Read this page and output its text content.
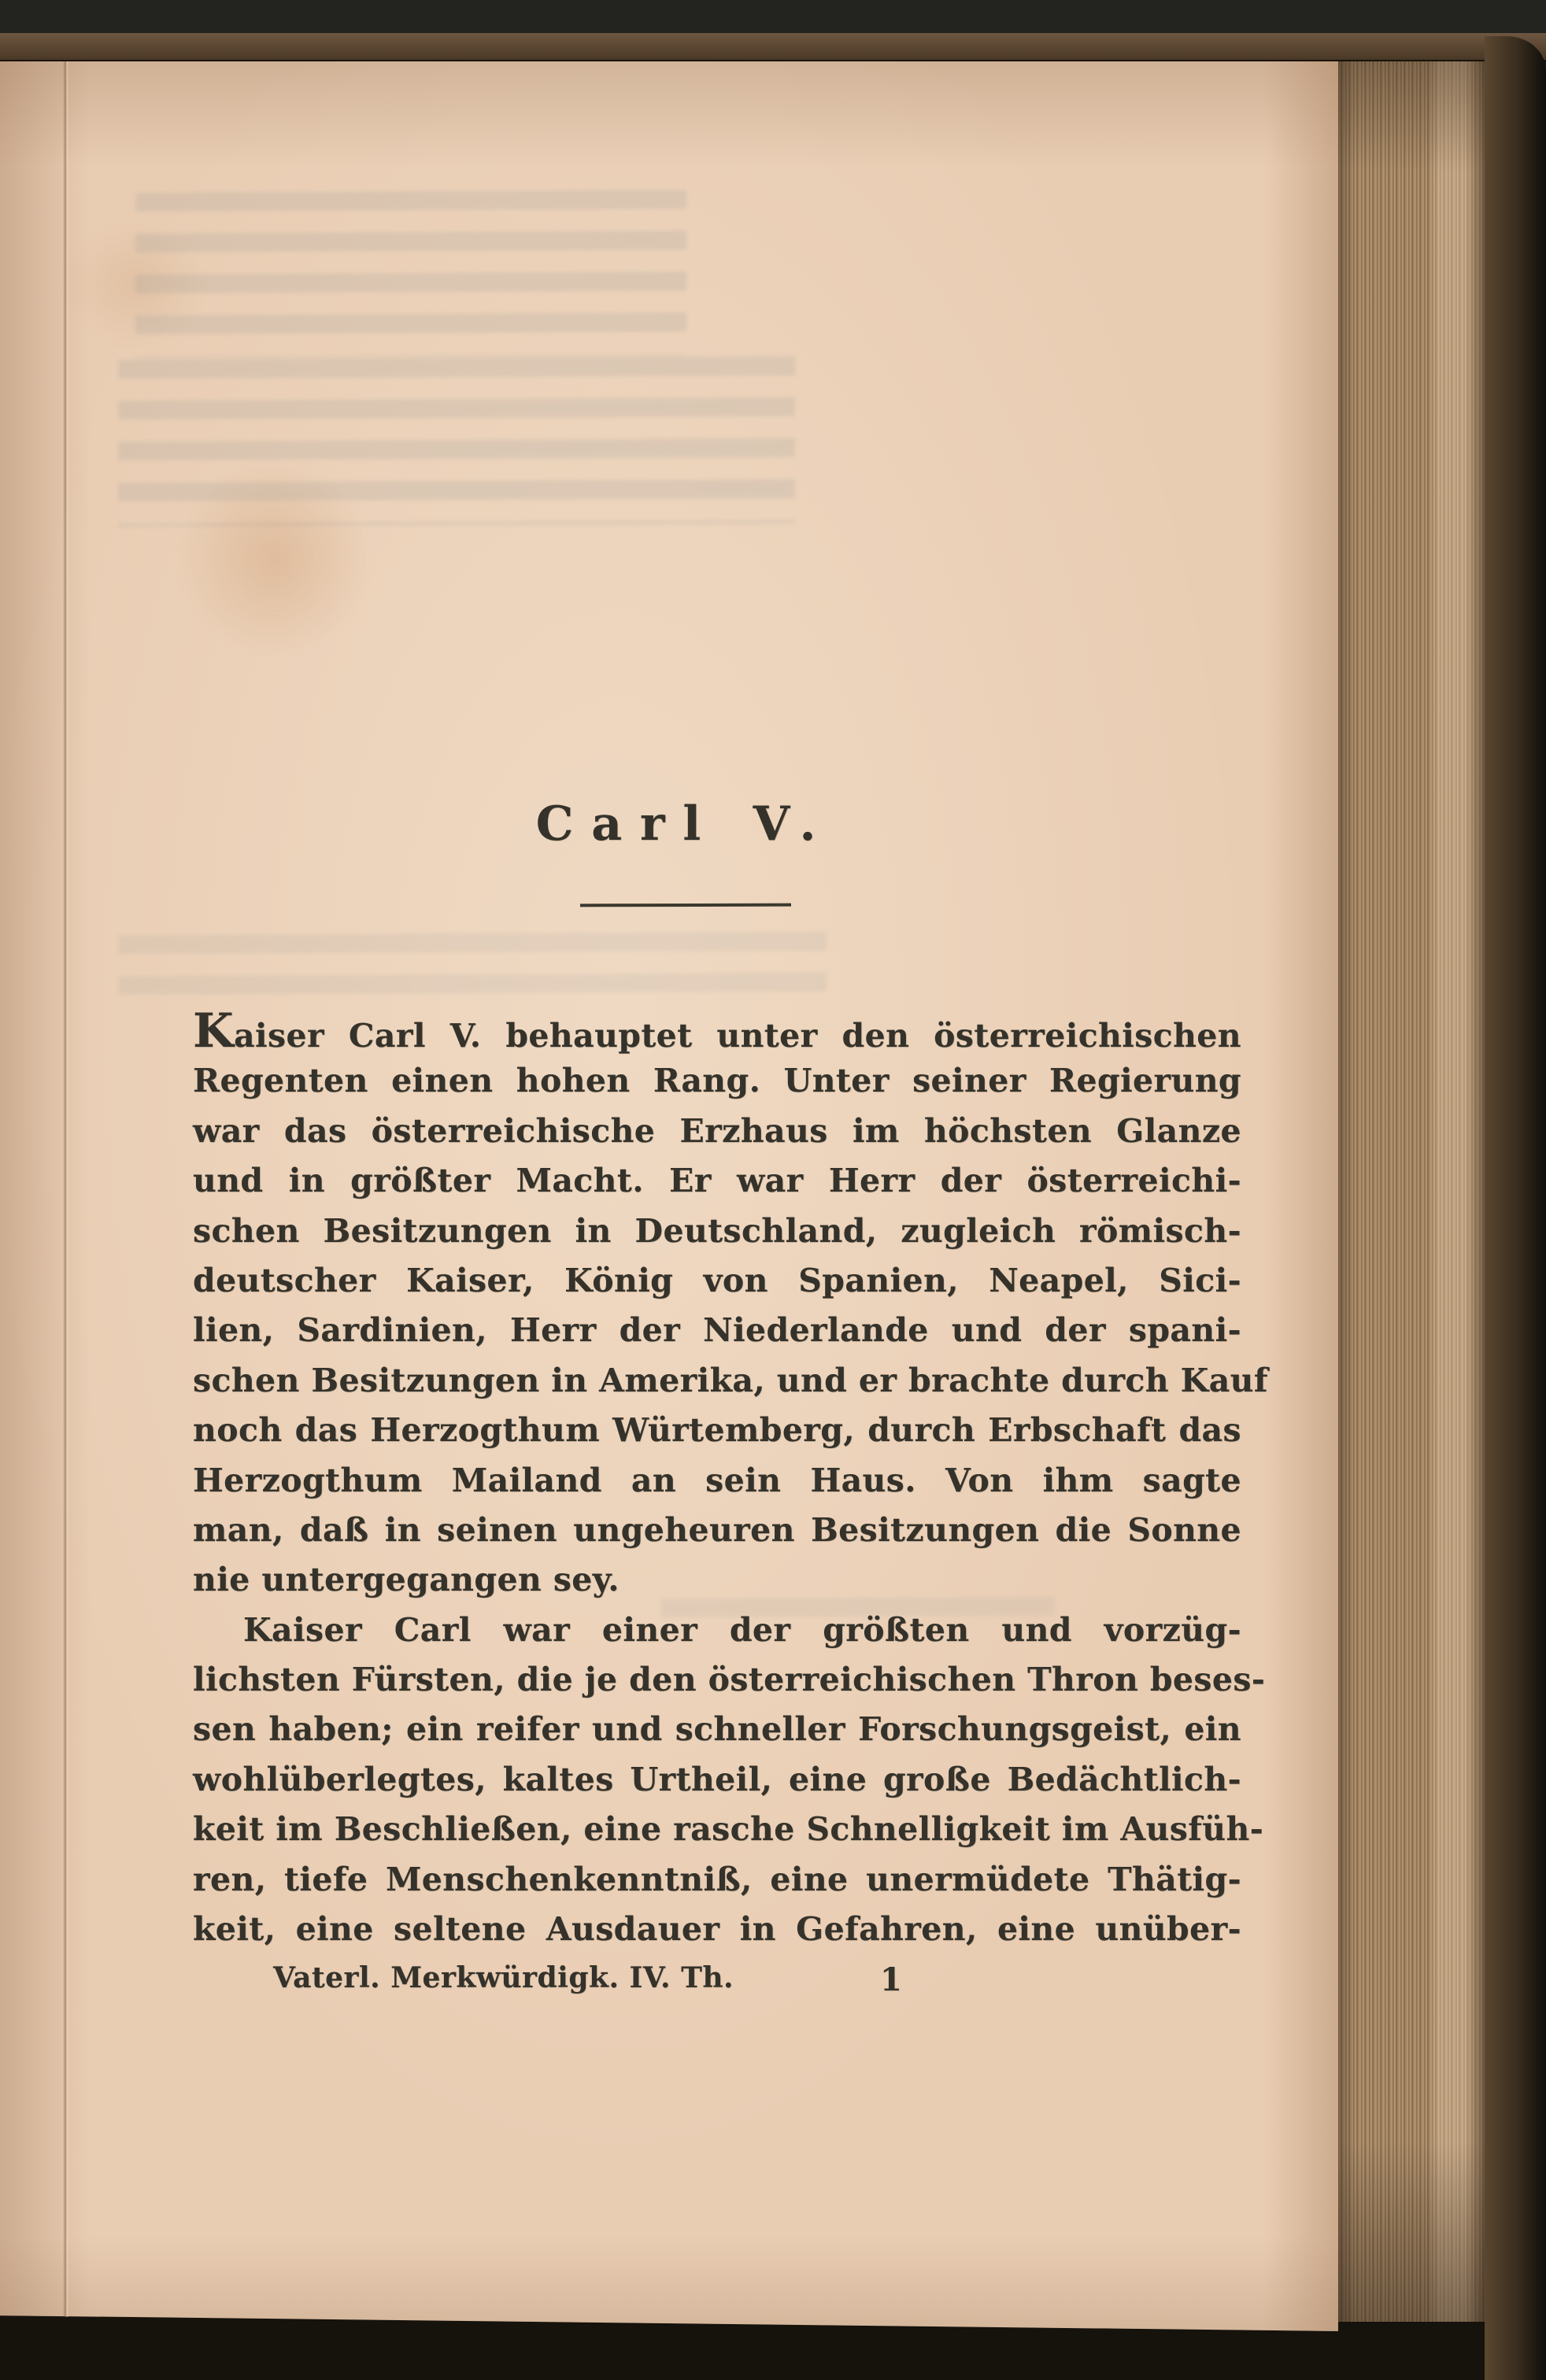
Carl V.
Kaiser Carl V. behauptet unter den österreichischen
Regenten einen hohen Rang. Unter seiner Regierung
war das österreichische Erzhaus im höchsten Glanze
und in größter Macht. Er war Herr der österreichi-
schen Besitzungen in Deutschland, zugleich römisch-
deutscher Kaiser, König von Spanien, Neapel, Sici-
lien, Sardinien, Herr der Niederlande und der spani-
schen Besitzungen in Amerika, und er brachte durch Kauf
noch das Herzogthum Würtemberg, durch Erbschaft das
Herzogthum Mailand an sein Haus. Von ihm sagte
man, daß in seinen ungeheuren Besitzungen die Sonne
nie untergegangen sey.
Kaiser Carl war einer der größten und vorzüg-
lichsten Fürsten, die je den österreichischen Thron beses-
sen haben; ein reifer und schneller Forschungsgeist, ein
wohlüberlegtes, kaltes Urtheil, eine große Bedächtlich-
keit im Beschließen, eine rasche Schnelligkeit im Ausfüh-
ren, tiefe Menschenkenntniß, eine unermüdete Thätig-
keit, eine seltene Ausdauer in Gefahren, eine unüber-
Vaterl. Merkwürdigk. IV. Th.	1
